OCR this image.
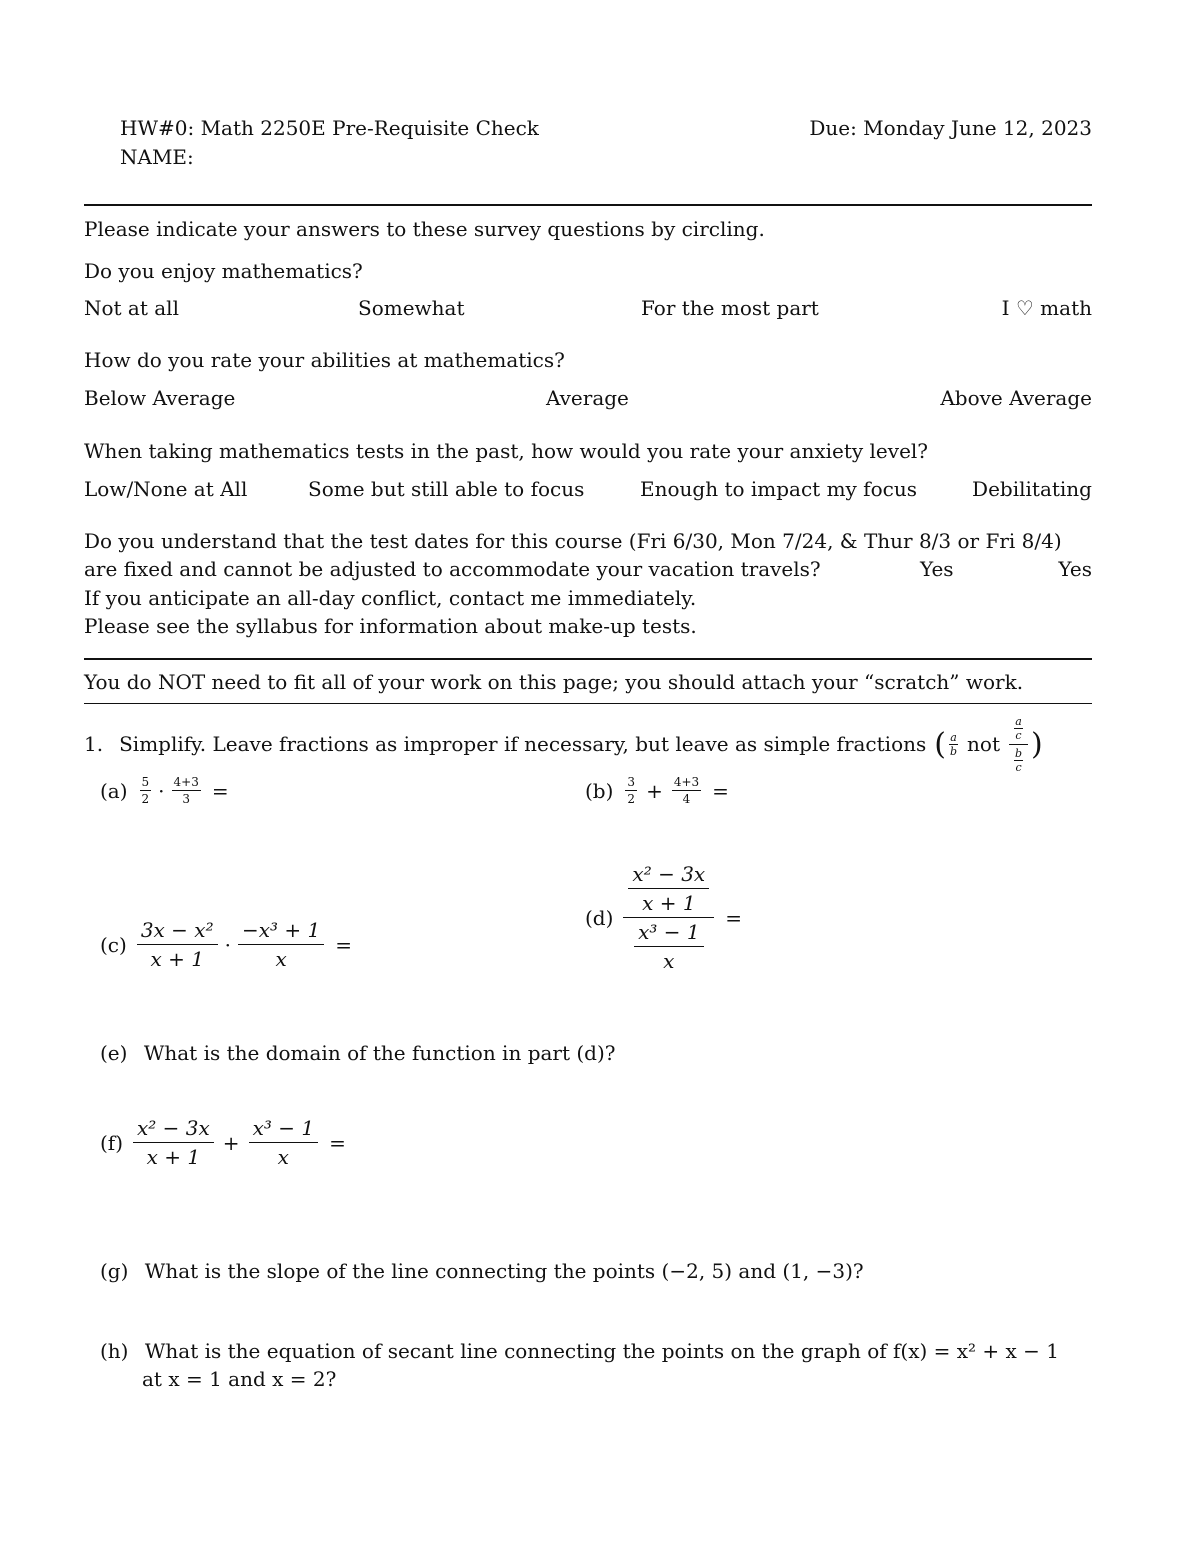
HW#0: Math 2250E Pre-Requisite Check	Due: Monday June 12, 2023
NAME:
Please indicate your answers to these survey questions by circling.
Do you enjoy mathematics?
Not at all	Somewhat	For the most part	I ♡ math
How do you rate your abilities at mathematics?
Below Average	Average	Above Average
When taking mathematics tests in the past, how would you rate your anxiety level?
Low/None at All	Some but still able to focus	Enough to impact my focus	Debilitating
Do you understand that the test dates for this course (Fri 6/30, Mon 7/24, & Thur 8/3 or Fri 8/4)
are fixed and cannot be adjusted to accommodate your vacation travels?	Yes	Yes
If you anticipate an all-day conflict, contact me immediately.
Please see the syllabus for information about make-up tests.
You do NOT need to fit all of your work on this page; you should attach your “scratch” work.
1. Simplify. Leave fractions as improper if necessary, but leave as simple fractions ( $\frac{a}{b}$ not $\frac{\frac{a}{c}}{\frac{b}{c}}$ )
$(a) \frac{5}{2} \cdot \frac{4+3}{3}$ =	$(b) \frac{3}{2} + \frac{4+3}{4}$ =
$(c) \frac{\text{3x − x²}}{x + 1} \cdot \frac{\text{−x³ + 1}}{x}$ =
$(d) \frac{\frac{\text{x² − 3x}}{x + 1}}{\frac{\text{x³ − 1}}{x}}$ =
(e) What is the domain of the function in part (d)?
$(f) \frac{\text{x² − 3x}}{x + 1} + \frac{\text{x³ − 1}}{x}$ =
(g) What is the slope of the line connecting the points (−2, 5) and (1, −3)?
(h) What is the equation of secant line connecting the points on the graph of f(x) = x² + x − 1
at x = 1 and x = 2?
